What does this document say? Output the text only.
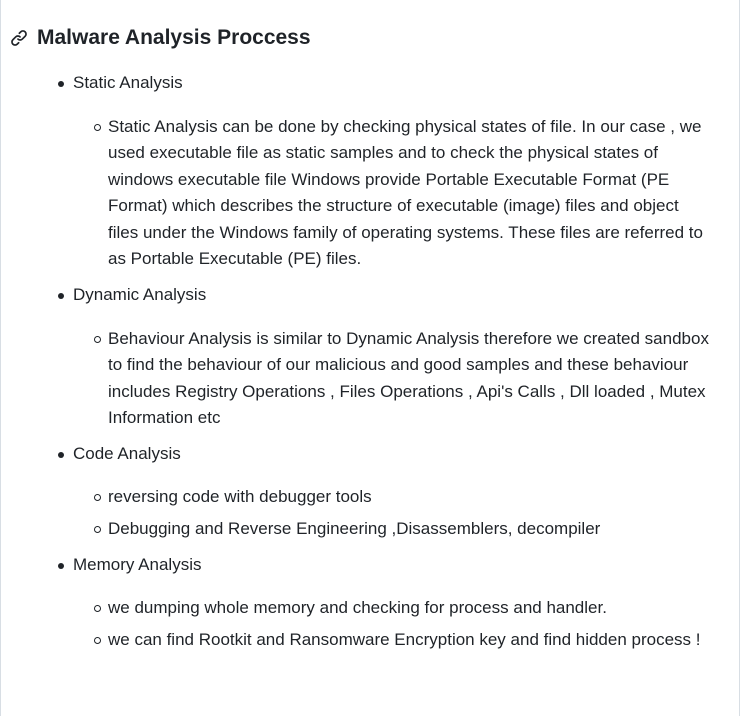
Malware Analysis Proccess
Static Analysis
Static Analysis can be done by checking physical states of file. In our case , we used executable file as static samples and to check the physical states of windows executable file Windows provide Portable Executable Format (PE Format) which describes the structure of executable (image) files and object files under the Windows family of operating systems. These files are referred to as Portable Executable (PE) files.
Dynamic Analysis
Behaviour Analysis is similar to Dynamic Analysis therefore we created sandbox to find the behaviour of our malicious and good samples and these behaviour includes Registry Operations , Files Operations , Api's Calls , Dll loaded , Mutex Information etc
Code Analysis
reversing code with debugger tools
Debugging and Reverse Engineering ,Disassemblers, decompiler
Memory Analysis
we dumping whole memory and checking for process and handler.
we can find Rootkit and Ransomware Encryption key and find hidden process !
